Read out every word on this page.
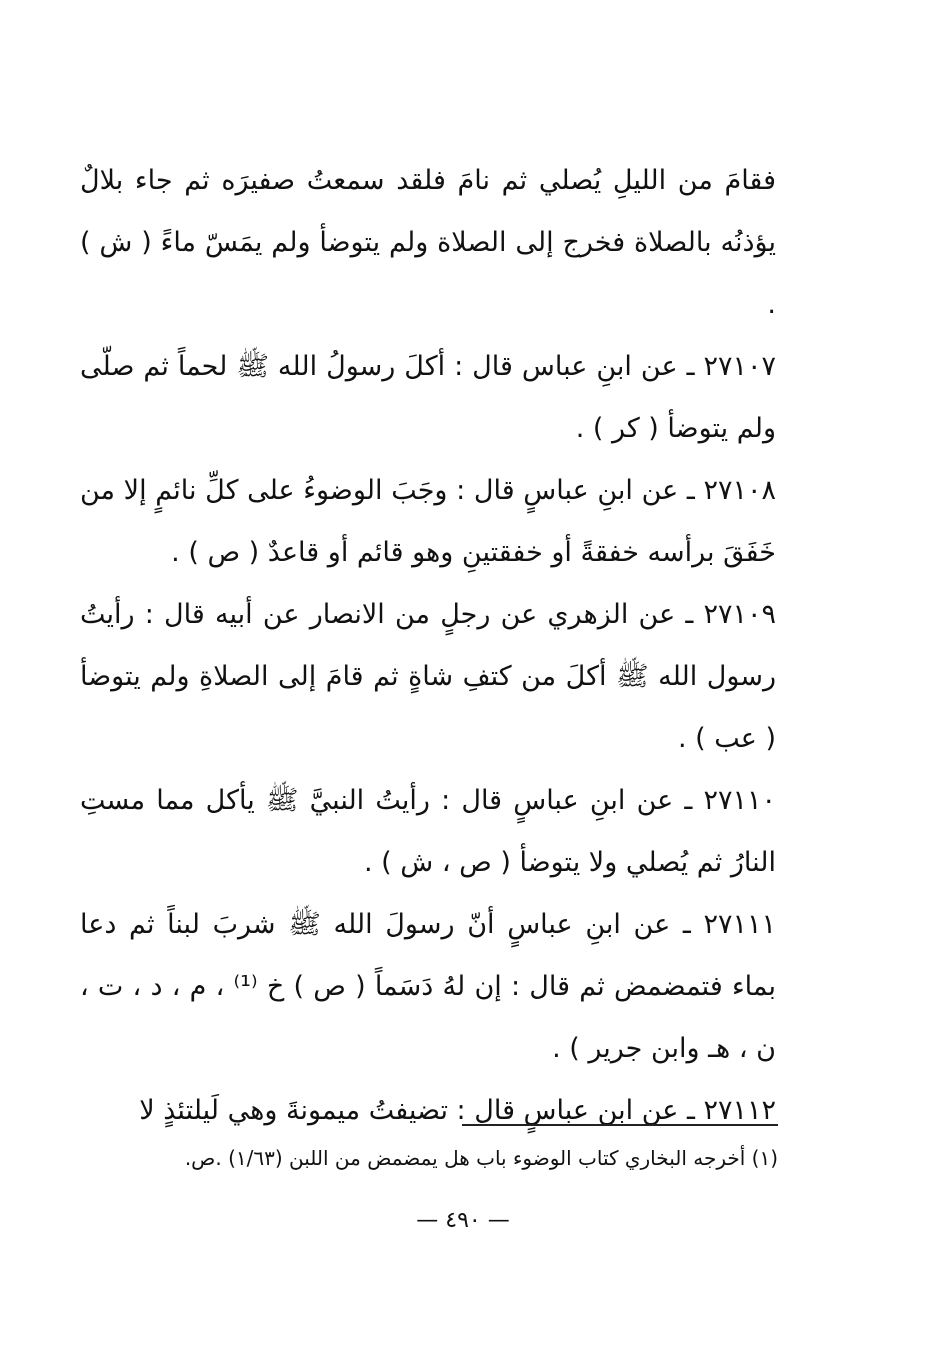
فقامَ من الليلِ يُصلي ثم نامَ فلقد سمعتُ صفيرَه ثم جاء بلالٌ يؤذنُه بالصلاة فخرج إلى الصلاة ولم يتوضأ ولم يمَسّ ماءً ( ش ) .

٢٧١٠٧ ـ عن ابنِ عباس قال : أكلَ رسولُ الله ﷺ لحماً ثم صلّى ولم يتوضأ ( كر ) .

٢٧١٠٨ ـ عن ابنِ عباسٍ قال : وجَبَ الوضوءُ على كلِّ نائمٍ إلا من خَفَقَ برأسه خفقةً أو خفقتينِ وهو قائم أو قاعدٌ ( ص ) .

٢٧١٠٩ ـ عن الزهري عن رجلٍ من الانصار عن أبيه قال : رأيتُ رسول الله ﷺ أكلَ من كتفِ شاةٍ ثم قامَ إلى الصلاةِ ولم يتوضأ ( عب ) .

٢٧١١٠ ـ عن ابنِ عباسٍ قال : رأيتُ النبيَّ ﷺ يأكل مما مستِ النارُ ثم يُصلي ولا يتوضأ ( ص ، ش ) .

٢٧١١١ ـ عن ابنِ عباسٍ أنّ رسولَ الله ﷺ شربَ لبناً ثم دعا بماء فتمضمض ثم قال : إن لهُ دَسَماً ( ص ) خ ⁽¹⁾ ، م ، د ، ت ، ن ، هـ وابن جرير ) .

٢٧١١٢ ـ عن ابن عباسٍ قال : تضيفتُ ميمونةَ وهي لَيلتئذٍ لا

(١) أخرجه البخاري كتاب الوضوء باب هل يمضمض من اللبن (١/٦٣) .ص.
— ٤٩٠ —
